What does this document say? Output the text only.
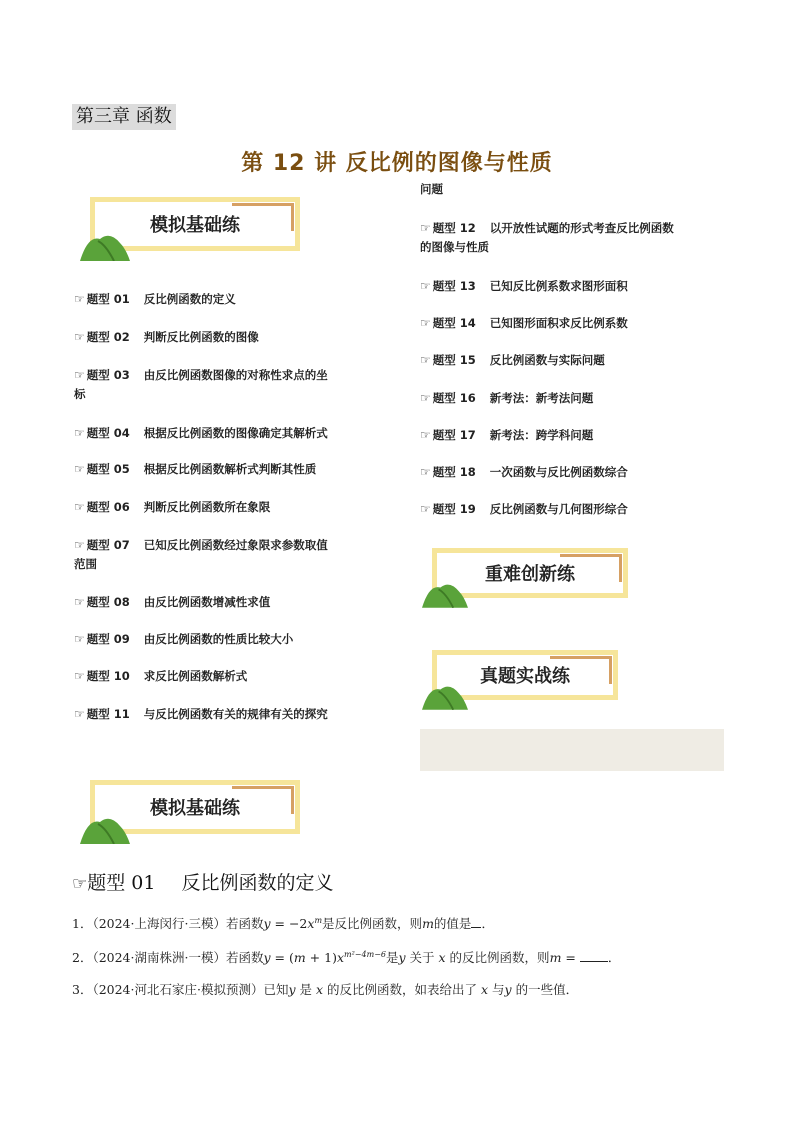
第三章 函数
第 12 讲 反比例的图像与性质
模拟基础练
☞ 题型 01 反比例函数的定义
☞ 题型 02 判断反比例函数的图像
☞ 题型 03 由反比例函数图像的对称性求点的坐
标
☞ 题型 04 根据反比例函数的图像确定其解析式
☞ 题型 05 根据反比例函数解析式判断其性质
☞ 题型 06 判断反比例函数所在象限
☞ 题型 07 已知反比例函数经过象限求参数取值
范围
☞ 题型 08 由反比例函数增减性求值
☞ 题型 09 由反比例函数的性质比较大小
☞ 题型 10 求反比例函数解析式
☞ 题型 11 与反比例函数有关的规律有关的探究
问题
☞ 题型 12 以开放性试题的形式考查反比例函数
的图像与性质
☞ 题型 13 已知反比例系数求图形面积
☞ 题型 14 已知图形面积求反比例系数
☞ 题型 15 反比例函数与实际问题
☞ 题型 16 新考法：新考法问题
☞ 题型 17 新考法：跨学科问题
☞ 题型 18 一次函数与反比例函数综合
☞ 题型 19 反比例函数与几何图形综合
重难创新练
真题实战练
模拟基础练
☞题型 01 反比例函数的定义
1．（2024·上海闵行·三模）若函数$y = -2x^m$是反比例函数，则m的值是 ．
2．（2024·湖南株洲·一模）若函数$y = (m + 1)x^{m^2-4m-6}$是y 关于 x 的反比例函数，则m = ．
3．（2024·河北石家庄·模拟预测）已知y 是 x 的反比例函数，如表给出了 x 与y 的一些值．
